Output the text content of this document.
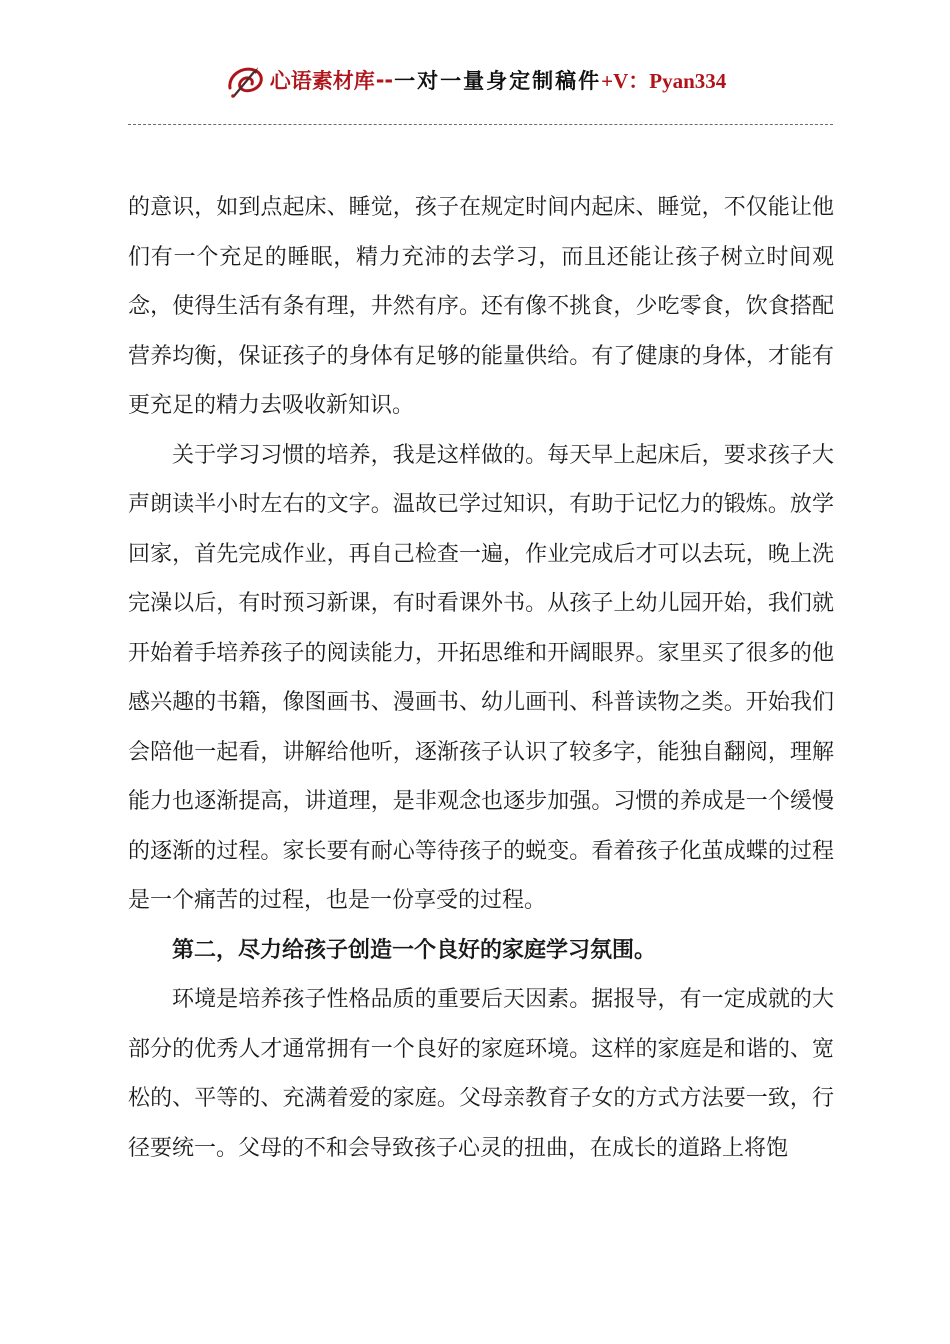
心语素材库 -- 一对一量身定制稿件 +V：Pyan334

的意识，如到点起床、睡觉，孩子在规定时间内起床、睡觉，不仅能让他们有一个充足的睡眠，精力充沛的去学习，而且还能让孩子树立时间观念，使得生活有条有理，井然有序。还有像不挑食，少吃零食，饮食搭配营养均衡，保证孩子的身体有足够的能量供给。有了健康的身体，才能有更充足的精力去吸收新知识。

关于学习习惯的培养，我是这样做的。每天早上起床后，要求孩子大声朗读半小时左右的文字。温故已学过知识，有助于记忆力的锻炼。放学回家，首先完成作业，再自己检查一遍，作业完成后才可以去玩，晚上洗完澡以后，有时预习新课，有时看课外书。从孩子上幼儿园开始，我们就开始着手培养孩子的阅读能力，开拓思维和开阔眼界。家里买了很多的他感兴趣的书籍，像图画书、漫画书、幼儿画刊、科普读物之类。开始我们会陪他一起看，讲解给他听，逐渐孩子认识了较多字，能独自翻阅，理解能力也逐渐提高，讲道理，是非观念也逐步加强。习惯的养成是一个缓慢的逐渐的过程。家长要有耐心等待孩子的蜕变。看着孩子化茧成蝶的过程是一个痛苦的过程，也是一份享受的过程。

第二，尽力给孩子创造一个良好的家庭学习氛围。

环境是培养孩子性格品质的重要后天因素。据报导，有一定成就的大部分的优秀人才通常拥有一个良好的家庭环境。这样的家庭是和谐的、宽松的、平等的、充满着爱的家庭。父母亲教育子女的方式方法要一致，行径要统一。父母的不和会导致孩子心灵的扭曲，在成长的道路上将饱
